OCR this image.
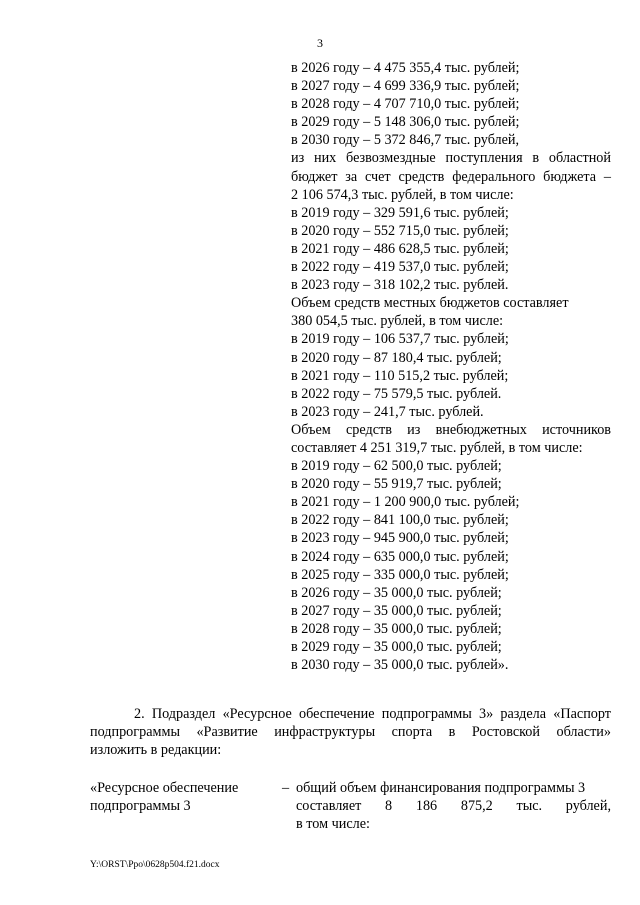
3
в 2026 году – 4 475 355,4 тыс. рублей;
в 2027 году – 4 699 336,9 тыс. рублей;
в 2028 году – 4 707 710,0 тыс. рублей;
в 2029 году – 5 148 306,0 тыс. рублей;
в 2030 году – 5 372 846,7 тыс. рублей,
из них безвозмездные поступления в областной
бюджет за счет средств федерального бюджета –
2 106 574,3 тыс. рублей, в том числе:
в 2019 году – 329 591,6 тыс. рублей;
в 2020 году – 552 715,0 тыс. рублей;
в 2021 году – 486 628,5 тыс. рублей;
в 2022 году – 419 537,0 тыс. рублей;
в 2023 году – 318 102,2 тыс. рублей.
Объем средств местных бюджетов составляет
380 054,5 тыс. рублей, в том числе:
в 2019 году – 106 537,7 тыс. рублей;
в 2020 году – 87 180,4 тыс. рублей;
в 2021 году – 110 515,2 тыс. рублей;
в 2022 году – 75 579,5 тыс. рублей.
в 2023 году – 241,7 тыс. рублей.
Объем средств из внебюджетных источников
составляет 4 251 319,7 тыс. рублей, в том числе:
в 2019 году – 62 500,0 тыс. рублей;
в 2020 году – 55 919,7 тыс. рублей;
в 2021 году – 1 200 900,0 тыс. рублей;
в 2022 году – 841 100,0 тыс. рублей;
в 2023 году – 945 900,0 тыс. рублей;
в 2024 году – 635 000,0 тыс. рублей;
в 2025 году – 335 000,0 тыс. рублей;
в 2026 году – 35 000,0 тыс. рублей;
в 2027 году – 35 000,0 тыс. рублей;
в 2028 году – 35 000,0 тыс. рублей;
в 2029 году – 35 000,0 тыс. рублей;
в 2030 году – 35 000,0 тыс. рублей».
2. Подраздел «Ресурсное обеспечение подпрограммы 3» раздела «Паспорт
подпрограммы «Развитие инфраструктуры спорта в Ростовской области»
изложить в редакции:
«Ресурсное обеспечение
подпрограммы 3
– общий объем финансирования подпрограммы 3
составляет 8 186 875,2 тыс. рублей,
в том числе:
Y:\ORST\Ppo\0628p504.f21.docx
